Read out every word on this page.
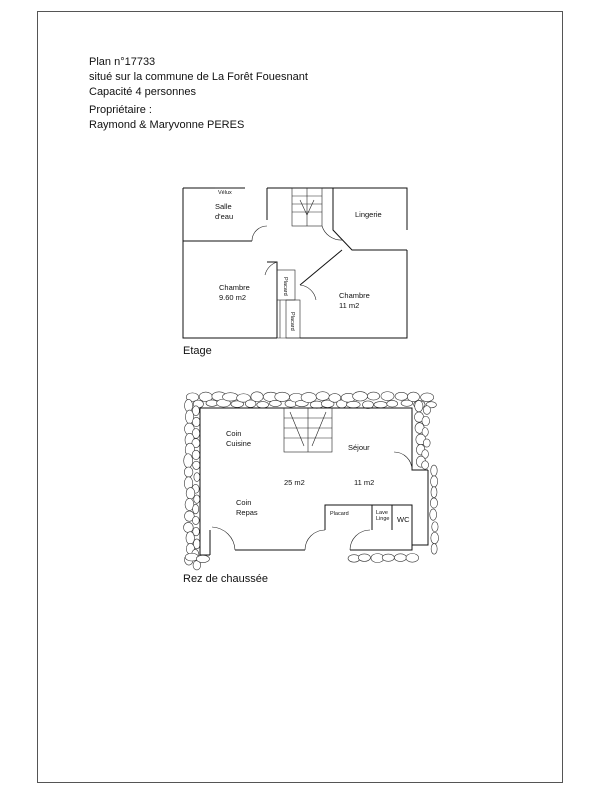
Plan n°17733
situé sur la commune de La Forêt Fouesnant
Capacité 4 personnes
Propriétaire :
Raymond & Maryvonne PERES
Vélux
Salle
d'eau	Lingerie
Chambre
9.60 m2	Chambre
11 m2
Placard
Placard
Coin
Cuisine	Séjour
25 m2	11 m2
Coin
Repas	Placard	Lave
Linge WC
Etage
Rez de chaussée
